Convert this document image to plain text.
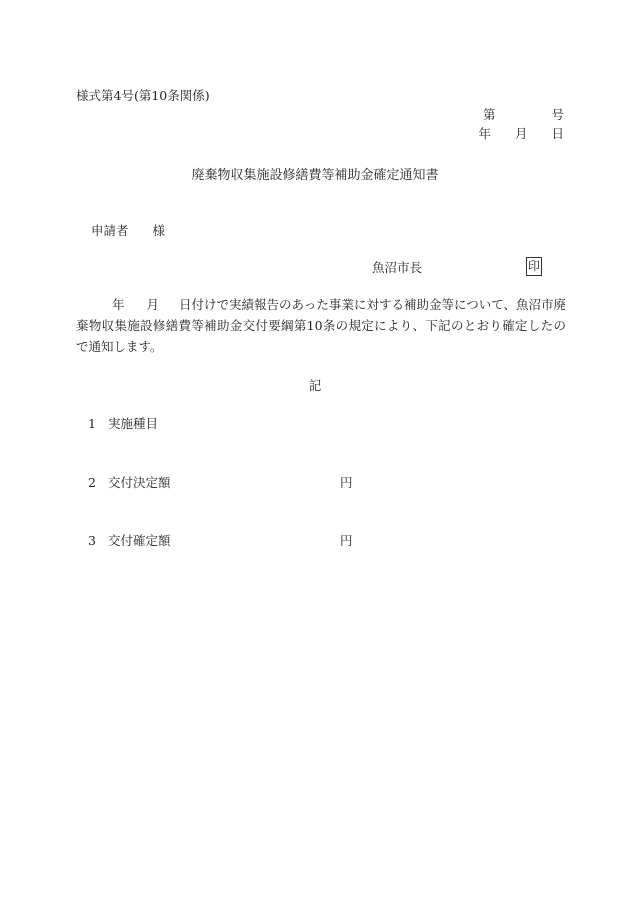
様式第4号(第10条関係)
第	号
年 月 日
廃棄物収集施設修繕費等補助金確定通知書
申請者 様
魚沼市長	印
年 月 日付けで実績報告のあった事業に対する補助金等について、魚沼市廃棄物収集施設修繕費等補助金交付要綱第10条の規定により、下記のとおり確定したので通知します。
記
1 実施種目
2 交付決定額	円
3 交付確定額	円
